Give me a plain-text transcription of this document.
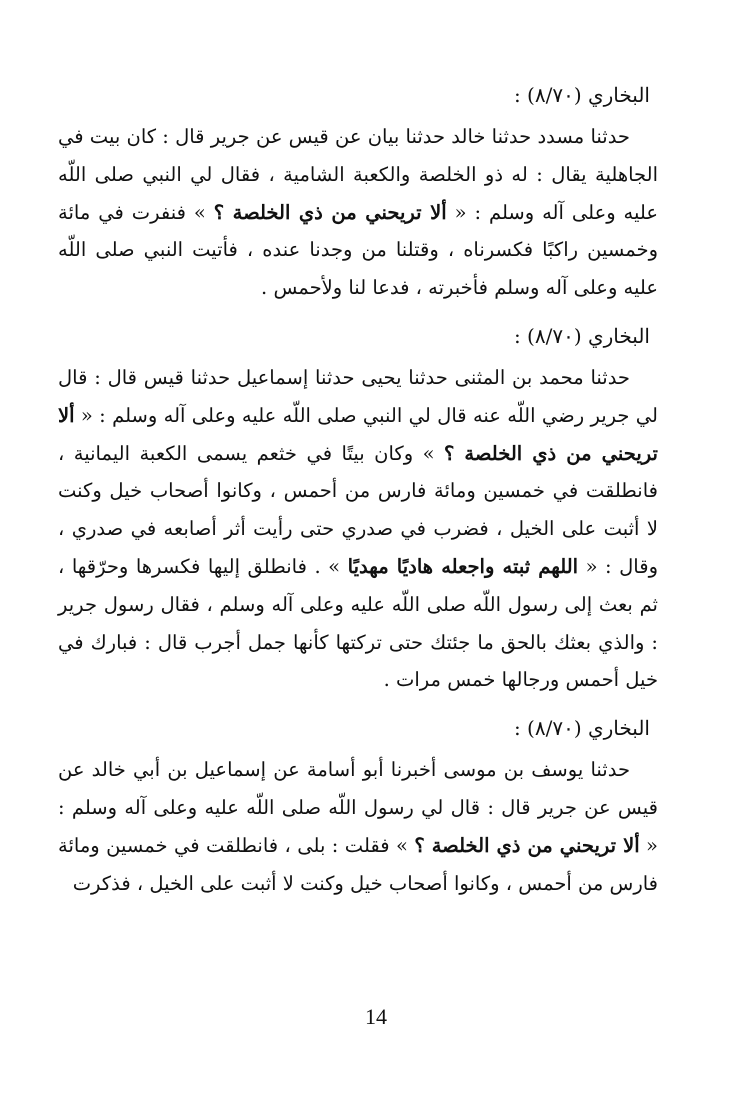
البخاري (٨/٧٠) :

حدثنا مسدد حدثنا خالد حدثنا بيان عن قيس عن جرير قال : كان بيت في الجاهلية يقال : له ذو الخلصة والكعبة الشامية ، فقال لي النبي صلى اللّه عليه وعلى آله وسلم : « ألا تريحني من ذي الخلصة ؟ » فنفرت في مائة وخمسين راكبًا فكسرناه ، وقتلنا من وجدنا عنده ، فأتيت النبي صلى اللّه عليه وعلى آله وسلم فأخبرته ، فدعا لنا ولأحمس .

البخاري (٨/٧٠) :

حدثنا محمد بن المثنى حدثنا يحيى حدثنا إسماعيل حدثنا قيس قال : قال لي جرير رضي اللّه عنه قال لي النبي صلى اللّه عليه وعلى آله وسلم : « ألا تريحني من ذي الخلصة ؟ » وكان بيتًا في خثعم يسمى الكعبة اليمانية ، فانطلقت في خمسين ومائة فارس من أحمس ، وكانوا أصحاب خيل وكنت لا أثبت على الخيل ، فضرب في صدري حتى رأيت أثر أصابعه في صدري ، وقال : « اللهم ثبته واجعله هاديًا مهديًا » . فانطلق إليها فكسرها وحرّقها ، ثم بعث إلى رسول اللّه صلى اللّه عليه وعلى آله وسلم ، فقال رسول جرير : والذي بعثك بالحق ما جئتك حتى تركتها كأنها جمل أجرب قال : فبارك في خيل أحمس ورجالها خمس مرات .

البخاري (٨/٧٠) :

حدثنا يوسف بن موسى أخبرنا أبو أسامة عن إسماعيل بن أبي خالد عن قيس عن جرير قال : قال لي رسول اللّه صلى اللّه عليه وعلى آله وسلم : « ألا تريحني من ذي الخلصة ؟ » فقلت : بلى ، فانطلقت في خمسين ومائة فارس من أحمس ، وكانوا أصحاب خيل وكنت لا أثبت على الخيل ، فذكرت

14
